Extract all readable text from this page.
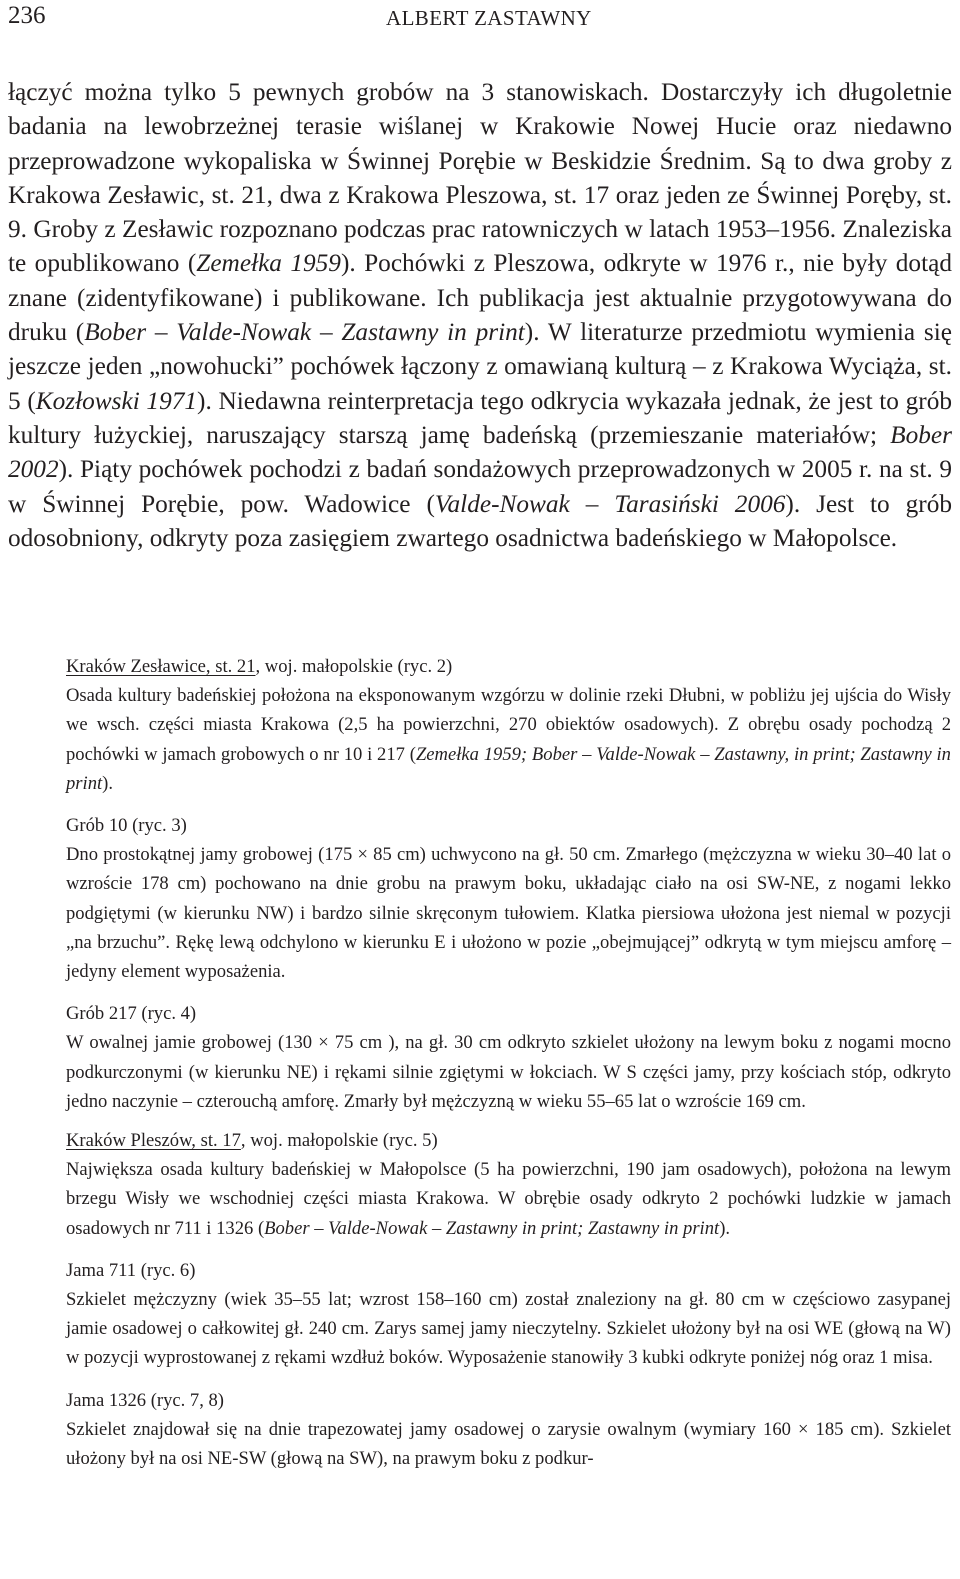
236	ALBERT ZASTAWNY
łączyć można tylko 5 pewnych grobów na 3 stanowiskach. Dostarczyły ich długoletnie badania na lewobrzeżnej terasie wiślanej w Krakowie Nowej Hucie oraz niedawno przeprowadzone wykopaliska w Świnnej Porębie w Beskidzie Średnim. Są to dwa groby z Krakowa Zesławic, st. 21, dwa z Krakowa Pleszowa, st. 17 oraz jeden ze Świnnej Poręby, st. 9. Groby z Zesławic rozpoznano podczas prac ratowniczych w latach 1953–1956. Znaleziska te opublikowano (Zemełka 1959). Pochówki z Pleszowa, odkryte w 1976 r., nie były dotąd znane (zidentyfikowane) i publikowane. Ich publikacja jest aktualnie przygotowywana do druku (Bober – Valde-Nowak – Zastawny in print). W literaturze przedmiotu wymienia się jeszcze jeden „nowohucki” pochówek łączony z omawianą kulturą – z Krakowa Wyciąża, st. 5 (Kozłowski 1971). Niedawna reinterpretacja tego odkrycia wykazała jednak, że jest to grób kultury łużyckiej, naruszający starszą jamę badeńską (przemieszanie materiałów; Bober 2002). Piąty pochówek pochodzi z badań sondażowych przeprowadzonych w 2005 r. na st. 9 w Świnnej Porębie, pow. Wadowice (Valde-Nowak – Tarasiński 2006). Jest to grób odosobniony, odkryty poza zasięgiem zwartego osadnictwa badeńskiego w Małopolsce.

Kraków Zesławice, st. 21, woj. małopolskie (ryc. 2)

Osada kultury badeńskiej położona na eksponowanym wzgórzu w dolinie rzeki Dłubni, w pobliżu jej ujścia do Wisły we wsch. części miasta Krakowa (2,5 ha powierzchni, 270 obiektów osadowych). Z obrębu osady pochodzą 2 pochówki w jamach grobowych o nr 10 i 217 (Zemełka 1959; Bober – Valde-Nowak – Zastawny, in print; Zastawny in print).

Grób 10 (ryc. 3)

Dno prostokątnej jamy grobowej (175 × 85 cm) uchwycono na gł. 50 cm. Zmarłego (mężczyzna w wieku 30–40 lat o wzroście 178 cm) pochowano na dnie grobu na prawym boku, układając ciało na osi SW-NE, z nogami lekko podgiętymi (w kierunku NW) i bardzo silnie skręconym tułowiem. Klatka piersiowa ułożona jest niemal w pozycji „na brzuchu”. Rękę lewą odchylono w kierunku E i ułożono w pozie „obejmującej” odkrytą w tym miejscu amforę – jedyny element wyposażenia.

Grób 217 (ryc. 4)

W owalnej jamie grobowej (130 × 75 cm ), na gł. 30 cm odkryto szkielet ułożony na lewym boku z nogami mocno podkurczonymi (w kierunku NE) i rękami silnie zgiętymi w łokciach. W S części jamy, przy kościach stóp, odkryto jedno naczynie – czterouchą amforę. Zmarły był mężczyzną w wieku 55–65 lat o wzroście 169 cm.

Kraków Pleszów, st. 17, woj. małopolskie (ryc. 5)

Największa osada kultury badeńskiej w Małopolsce (5 ha powierzchni, 190 jam osadowych), położona na lewym brzegu Wisły we wschodniej części miasta Krakowa. W obrębie osady odkryto 2 pochówki ludzkie w jamach osadowych nr 711 i 1326 (Bober – Valde-Nowak – Zastawny in print; Zastawny in print).

Jama 711 (ryc. 6)

Szkielet mężczyzny (wiek 35–55 lat; wzrost 158–160 cm) został znaleziony na gł. 80 cm w częściowo zasypanej jamie osadowej o całkowitej gł. 240 cm. Zarys samej jamy nieczytelny. Szkielet ułożony był na osi WE (głową na W) w pozycji wyprostowanej z rękami wzdłuż boków. Wyposażenie stanowiły 3 kubki odkryte poniżej nóg oraz 1 misa.

Jama 1326 (ryc. 7, 8)

Szkielet znajdował się na dnie trapezowatej jamy osadowej o zarysie owalnym (wymiary 160 × 185 cm). Szkielet ułożony był na osi NE-SW (głową na SW), na prawym boku z podkur-
